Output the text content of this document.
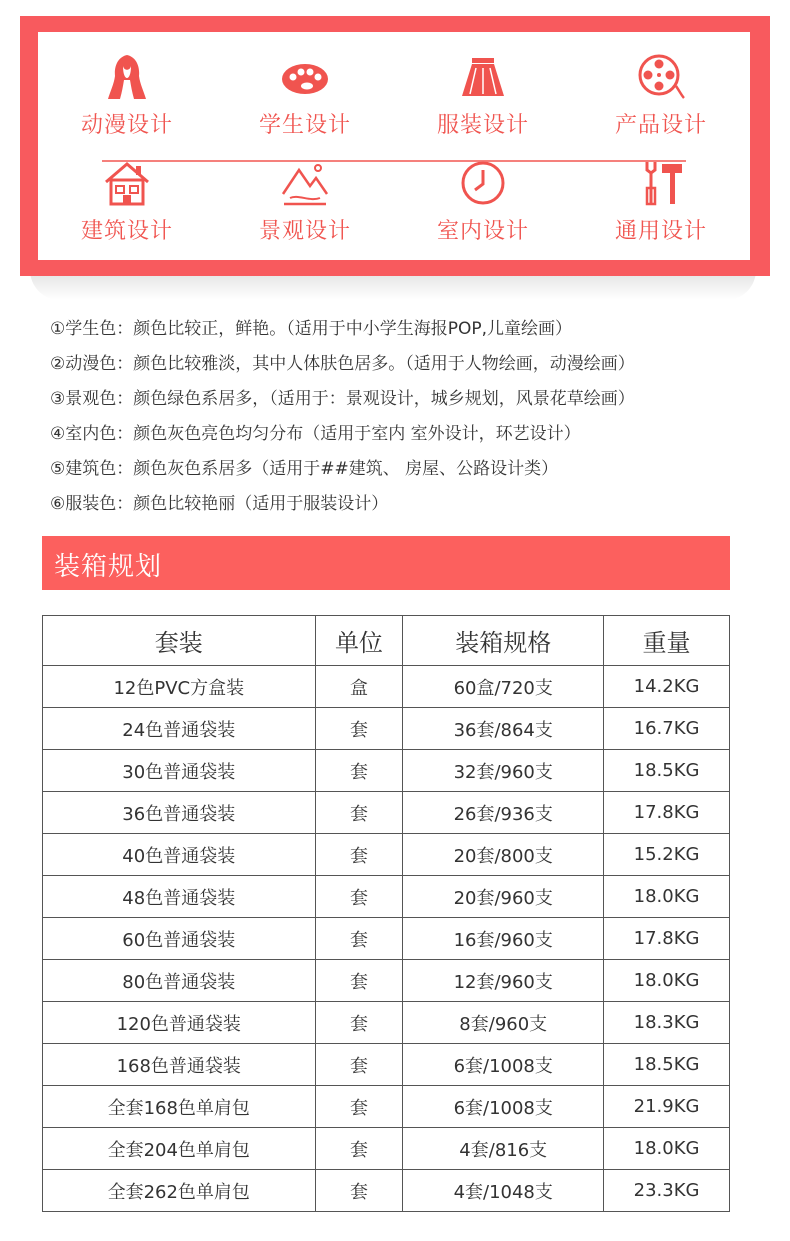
动漫设计	学生设计	服装设计	产品设计
建筑设计	景观设计	室内设计	通用设计
①学生色：颜色比较正，鲜艳。（适用于中小学生海报POP,儿童绘画）
②动漫色：颜色比较雅淡，其中人体肤色居多。（适用于人物绘画，动漫绘画）
③景观色：颜色绿色系居多，（适用于：景观设计，城乡规划，风景花草绘画）
④室内色：颜色灰色亮色均匀分布（适用于室内 室外设计，环艺设计）
⑤建筑色：颜色灰色系居多（适用于##建筑、 房屋、公路设计类）
⑥服装色：颜色比较艳丽（适用于服装设计）
装箱规划
套装	单位	装箱规格	重量
12色PVC方盒装	盒	60盒/720支	14.2KG
24色普通袋装	套	36套/864支	16.7KG
30色普通袋装	套	32套/960支	18.5KG
36色普通袋装	套	26套/936支	17.8KG
40色普通袋装	套	20套/800支	15.2KG
48色普通袋装	套	20套/960支	18.0KG
60色普通袋装	套	16套/960支	17.8KG
80色普通袋装	套	12套/960支	18.0KG
120色普通袋装	套	8套/960支	18.3KG
168色普通袋装	套	6套/1008支	18.5KG
全套168色单肩包	套	6套/1008支	21.9KG
全套204色单肩包	套	4套/816支	18.0KG
全套262色单肩包	套	4套/1048支	23.3KG
